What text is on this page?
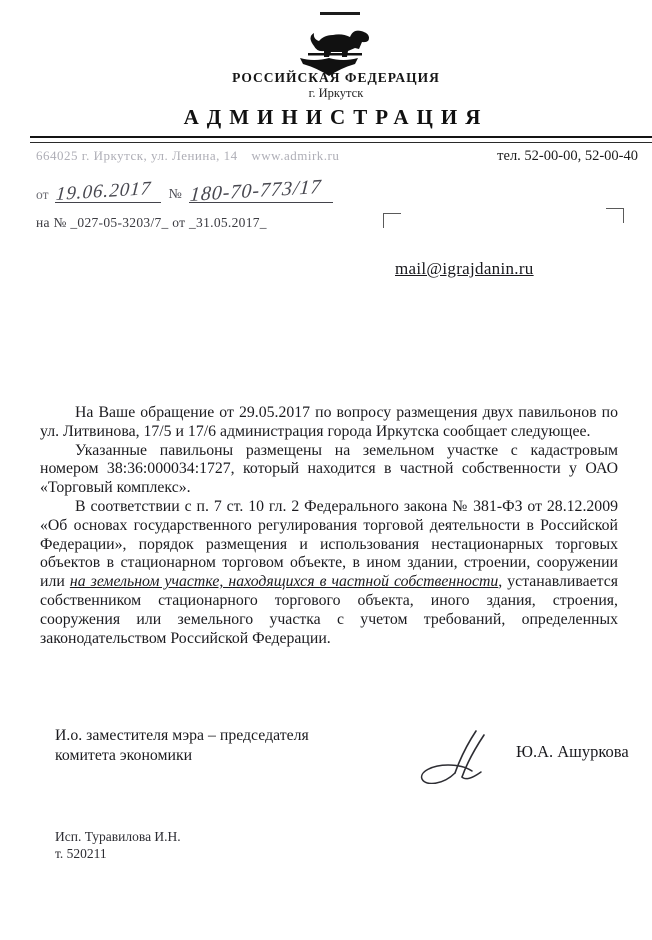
РОССИЙСКАЯ ФЕДЕРАЦИЯ
г. Иркутск
АДМИНИСТРАЦИЯ
664025 г. Иркутск, ул. Ленина, 14 www.admirk.ru	тел. 52-00-00, 52-00-40
от 19.06.2017 № 180-70-773/17
на № _027-05-3203/7_ от _31.05.2017_
mail@igrajdanin.ru

На Ваше обращение от 29.05.2017 по вопросу размещения двух павильонов по ул. Литвинова, 17/5 и 17/6 администрация города Иркутска сообщает следующее.

Указанные павильоны размещены на земельном участке с кадастровым номером 38:36:000034:1727, который находится в частной собственности у ОАО «Торговый комплекс».

В соответствии с п. 7 ст. 10 гл. 2 Федерального закона № 381-ФЗ от 28.12.2009 «Об основах государственного регулирования торговой деятельности в Российской Федерации», порядок размещения и использования нестационарных торговых объектов в стационарном торговом объекте, в ином здании, строении, сооружении или на земельном участке, находящихся в частной собственности, устанавливается собственником стационарного торгового объекта, иного здания, строения, сооружения или земельного участка с учетом требований, определенных законодательством Российской Федерации.

И.о. заместителя мэра – председателя
комитета экономики	Ю.А. Ашуркова
Исп. Туравилова И.Н.
т. 520211
